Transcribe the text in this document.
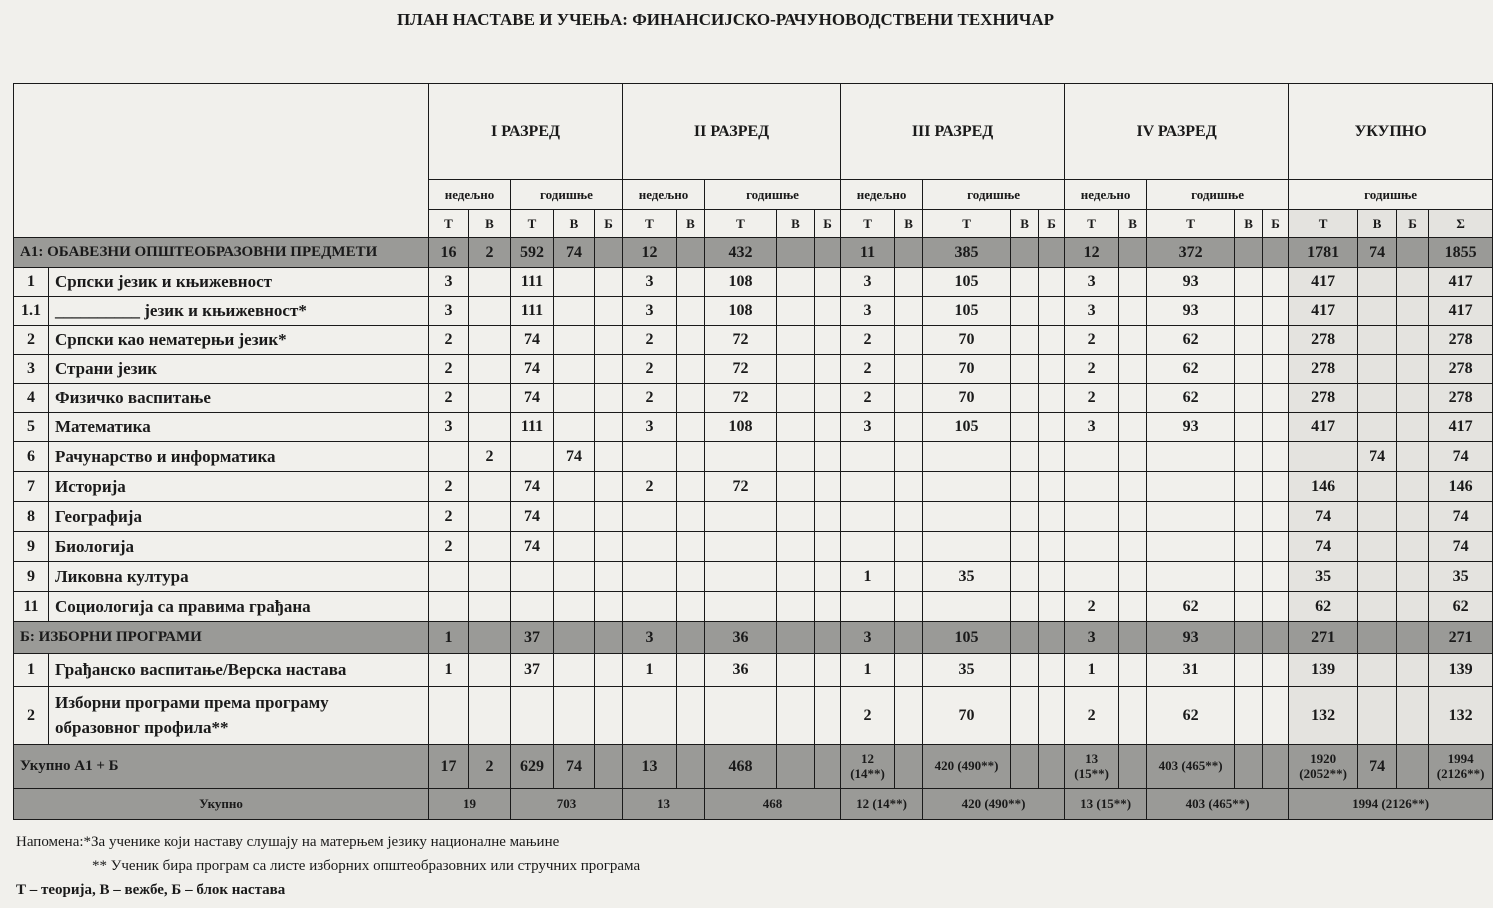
ПЛАН НАСТАВЕ И УЧЕЊА: ФИНАНСИЈСКО-РАЧУНОВОДСТВЕНИ ТЕХНИЧАР
		I РАЗРЕД					II РАЗРЕД					III РАЗРЕД					IV РАЗРЕД					УКУПНО			
		недељно		годишње			недељно		годишње			недељно		годишње			недељно		годишње			годишње			
		Т	В	Т	В	Б	Т	В	Т	В	Б	Т	В	Т	В	Б	Т	В	Т	В	Б	Т	В	Б	Σ
А1: ОБАВЕЗНИ ОПШТЕОБРАЗОВНИ ПРЕДМЕТИ		16	2	592	74		12		432			11		385			12		372			1781	74		1855
1	Српски језик и књижевност	3		111			3		108			3		105			3		93			417			417
1.1	__________ језик и књижевност*	3		111			3		108			3		105			3		93			417			417
2	Српски као нематерњи језик*	2		74			2		72			2		70			2		62			278			278
3	Страни језик	2		74			2		72			2		70			2		62			278			278
4	Физичко васпитање	2		74			2		72			2		70			2		62			278			278
5	Математика	3		111			3		108			3		105			3		93			417			417
6	Рачунарство и информатика		2		74																		74		74
7	Историја	2		74			2		72													146			146
8	Географија	2		74																		74			74
9	Биологија	2		74																		74			74
9	Ликовна култура											1		35								35			35
11	Социологија са правима грађана																2		62			62			62
Б: ИЗБОРНИ ПРОГРАМИ		1		37			3		36			3		105			3		93			271			271
1	Грађанско васпитање/Верска настава	1		37			1		36			1		35			1		31			139			139
2	Изборни програми према програму
образовног профила**											2		70			2		62			132			132
Укупно А1 + Б		17	2	629	74		13		468			12 (14**)		420 (490**)			13 (15**)		403 (465**)			1920 (2052**)	74		1994 (2126**)
Укупно		19		703			13		468			12 (14**)		420 (490**)			13 (15**)		403 (465**)			1994 (2126**)			
Напомена:*За ученике који наставу слушају на матерњем језику националне мањине
** Ученик бира програм са листе изборних општеобразовних или стручних програма
Т – теорија, В – вежбе, Б – блок настава
